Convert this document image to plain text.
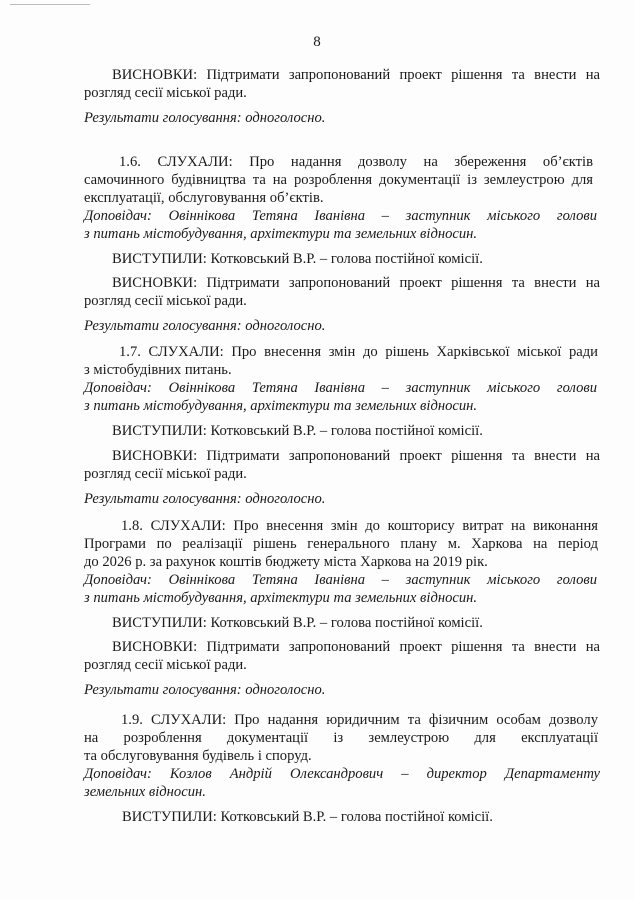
8

ВИСНОВКИ: Підтримати запропонований проект рішення та внести на

розгляд сесії міської ради.

Результати голосування: одноголосно.

1.6. СЛУХАЛИ: Про надання дозволу на збереження об’єктів

самочинного будівництва та на розроблення документації із землеустрою для

експлуатації, обслуговування об’єктів.

Доповідач: Овіннікова Тетяна Іванівна – заступник міського голови

з питань містобудування, архітектури та земельних відносин.

ВИСТУПИЛИ: Котковський В.Р. – голова постійної комісії.

ВИСНОВКИ: Підтримати запропонований проект рішення та внести на

розгляд сесії міської ради.

Результати голосування: одноголосно.

1.7. СЛУХАЛИ: Про внесення змін до рішень Харківської міської ради

з містобудівних питань.

Доповідач: Овіннікова Тетяна Іванівна – заступник міського голови

з питань містобудування, архітектури та земельних відносин.

ВИСТУПИЛИ: Котковський В.Р. – голова постійної комісії.

ВИСНОВКИ: Підтримати запропонований проект рішення та внести на

розгляд сесії міської ради.

Результати голосування: одноголосно.

1.8. СЛУХАЛИ: Про внесення змін до кошторису витрат на виконання

Програми по реалізації рішень генерального плану м. Харкова на період

до 2026 р. за рахунок коштів бюджету міста Харкова на 2019 рік.

Доповідач: Овіннікова Тетяна Іванівна – заступник міського голови

з питань містобудування, архітектури та земельних відносин.

ВИСТУПИЛИ: Котковський В.Р. – голова постійної комісії.

ВИСНОВКИ: Підтримати запропонований проект рішення та внести на

розгляд сесії міської ради.

Результати голосування: одноголосно.

1.9. СЛУХАЛИ: Про надання юридичним та фізичним особам дозволу

на розроблення документації із землеустрою для експлуатації

та обслуговування будівель і споруд.

Доповідач: Козлов Андрій Олександрович – директор Департаменту

земельних відносин.

ВИСТУПИЛИ: Котковський В.Р. – голова постійної комісії.
